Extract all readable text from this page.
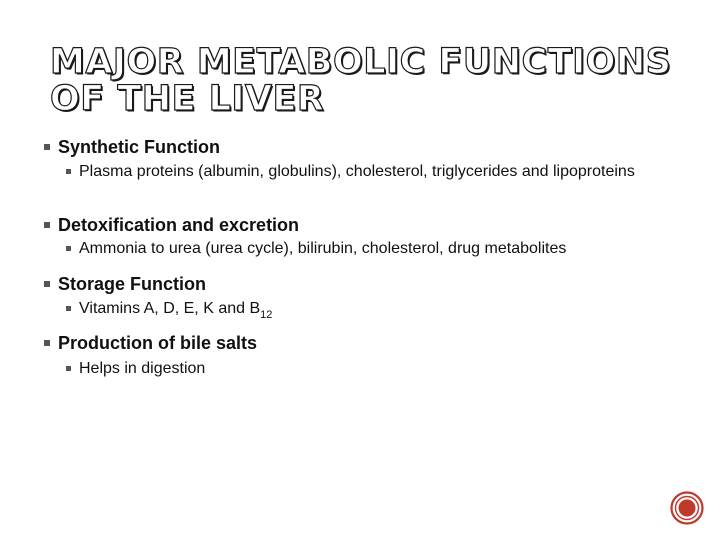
MAJOR METABOLIC FUNCTIONS OF THE LIVER
Synthetic Function
Plasma proteins (albumin, globulins), cholesterol, triglycerides and lipoproteins
Detoxification and excretion
Ammonia to urea (urea cycle), bilirubin, cholesterol, drug metabolites
Storage Function
Vitamins A, D, E, K and $B_{12}$
Production of bile salts
Helps in digestion
